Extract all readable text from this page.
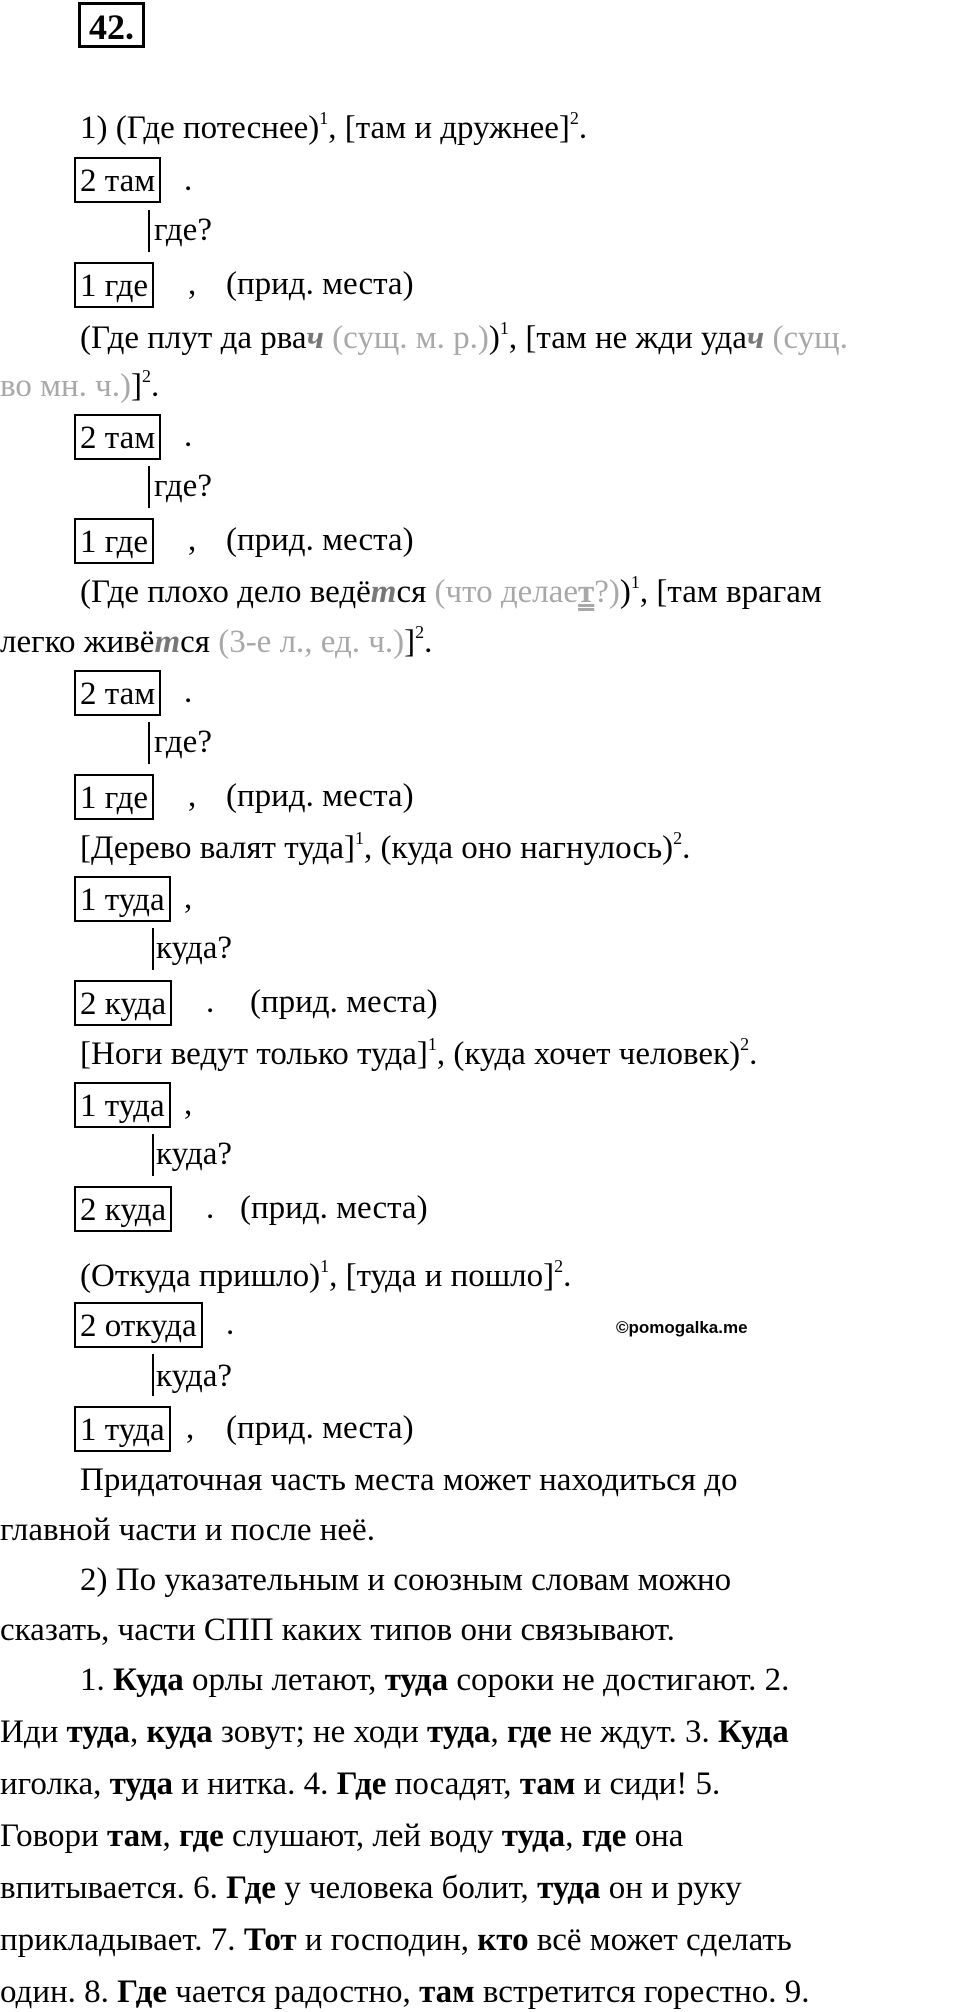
42.
1) (Где потеснее)$^1$, [там и дружнее]$^2$.
2 там .
где?
1 где , (прид. места)
(Где плут да рвач (сущ. м. р.))$^1$, [там не жди удач (сущ.
во мн. ч.)]$^2$.
2 там .
где?
1 где , (прид. места)
(Где плохо дело ведётся (что делает?))$^1$, [там врагам
легко живётся (3-е л., ед. ч.)]$^2$.
2 там .
где?
1 где , (прид. места)
[Дерево валят туда]$^1$, (куда оно нагнулось)$^2$.
1 туда ,
куда?
2 куда . (прид. места)
[Ноги ведут только туда]$^1$, (куда хочет человек)$^2$.
1 туда ,
куда?
2 куда . (прид. места)
(Откуда пришло)$^1$, [туда и пошло]$^2$.
2 откуда .	©pomogalka.me
куда?
1 туда , (прид. места)
Придаточная часть места может находиться до
главной части и после неё.
2) По указательным и союзным словам можно
сказать, части СПП каких типов они связывают.
1. Куда орлы летают, туда сороки не достигают. 2.
Иди туда, куда зовут; не ходи туда, где не ждут. 3. Куда
иголка, туда и нитка. 4. Где посадят, там и сиди! 5.
Говори там, где слушают, лей воду туда, где она
впитывается. 6. Где у человека болит, туда он и руку
прикладывает. 7. Тот и господин, кто всё может сделать
один. 8. Где чается радостно, там встретится горестно. 9.
